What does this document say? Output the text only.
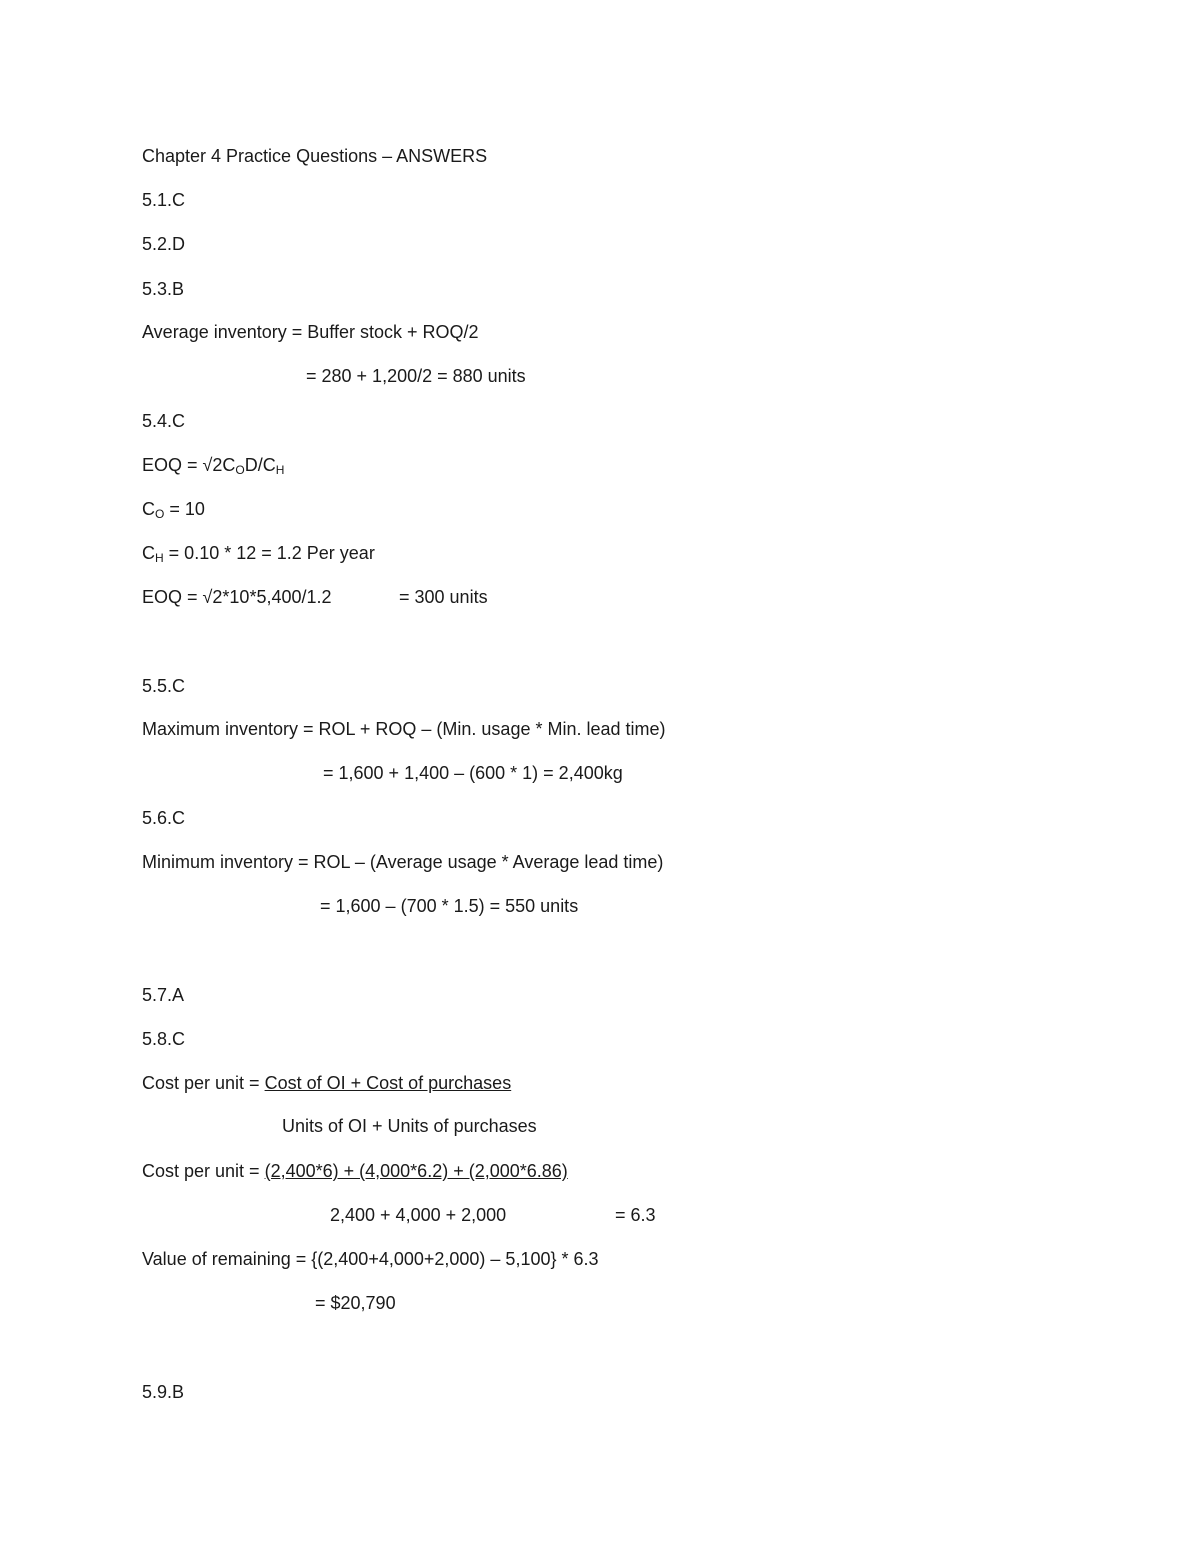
Chapter 4 Practice Questions – ANSWERS
5.1.C
5.2.D
5.3.B
Average inventory = Buffer stock + ROQ/2
= 280 + 1,200/2 = 880 units
5.4.C
EOQ = $√2C_OD/C_H$
$C_O = 10$
$C_H = 0.10 * 12 = 1.2$ Per year
EOQ = √2*10*5,400/1.2	= 300 units
5.5.C
Maximum inventory = ROL + ROQ – (Min. usage * Min. lead time)
= 1,600 + 1,400 – (600 * 1) = 2,400kg
5.6.C
Minimum inventory = ROL – (Average usage * Average lead time)
= 1,600 – (700 * 1.5) = 550 units
5.7.A
5.8.C
Cost per unit = Cost of OI + Cost of purchases
Units of OI + Units of purchases
Cost per unit = (2,400*6) + (4,000*6.2) + (2,000*6.86)
2,400 + 4,000 + 2,000	= 6.3
Value of remaining = {(2,400+4,000+2,000) – 5,100} * 6.3
= $20,790
5.9.B
